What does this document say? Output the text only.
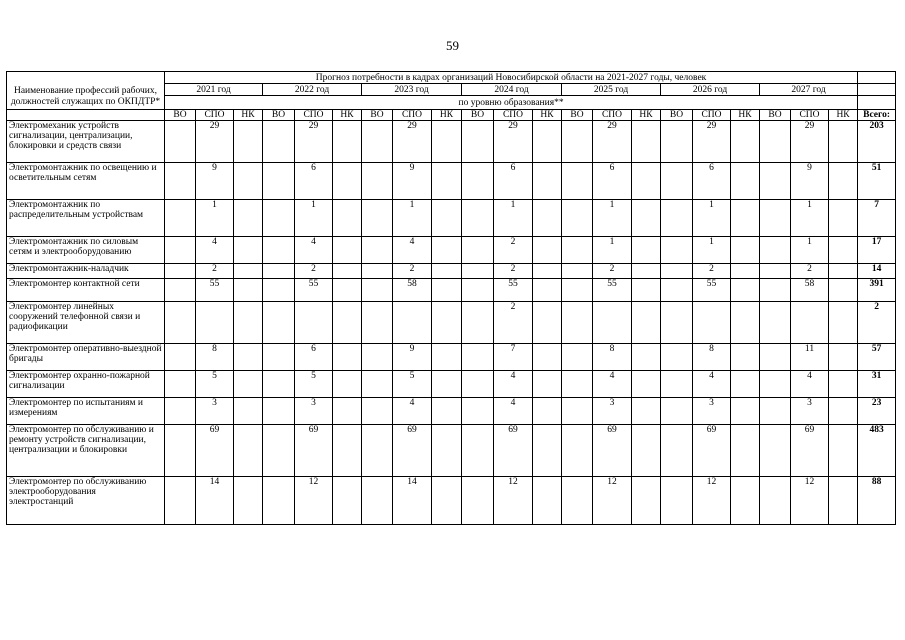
59
Наименование профессий рабочих, должностей служащих по ОКПДТР*	Прогноз потребности в кадрах организаций Новосибирской области на 2021-2027 годы, человек																					
	2021 год			2022 год			2023 год			2024 год			2025 год			2026 год			2027 год			
	по уровню образования**																					
	ВО	СПО	НК	ВО	СПО	НК	ВО	СПО	НК	ВО	СПО	НК	ВО	СПО	НК	ВО	СПО	НК	ВО	СПО	НК	Всего:
Электромеханик устройств сигнализации, централизации, блокировки и средств связи		29			29			29			29			29			29			29		203
Электромонтажник по освещению и осветительным сетям		9			6			9			6			6			6			9		51
Электромонтажник по распределительным устройствам		1			1			1			1			1			1			1		7
Электромонтажник по силовым сетям и электрооборудованию		4			4			4			2			1			1			1		17
Электромонтажник-наладчик		2			2			2			2			2			2			2		14
Электромонтер контактной сети		55			55			58			55			55			55			58		391
Электромонтер линейных сооружений телефонной связи и радиофикации											2											2
Электромонтер оперативно-выездной бригады		8			6			9			7			8			8			11		57
Электромонтер охранно-пожарной сигнализации		5			5			5			4			4			4			4		31
Электромонтер по испытаниям и измерениям		3			3			4			4			3			3			3		23
Электромонтер по обслуживанию и ремонту устройств сигнализации, централизации и блокировки		69			69			69			69			69			69			69		483
Электромонтер по обслуживанию электрооборудования электростанций		14			12			14			12			12			12			12		88
